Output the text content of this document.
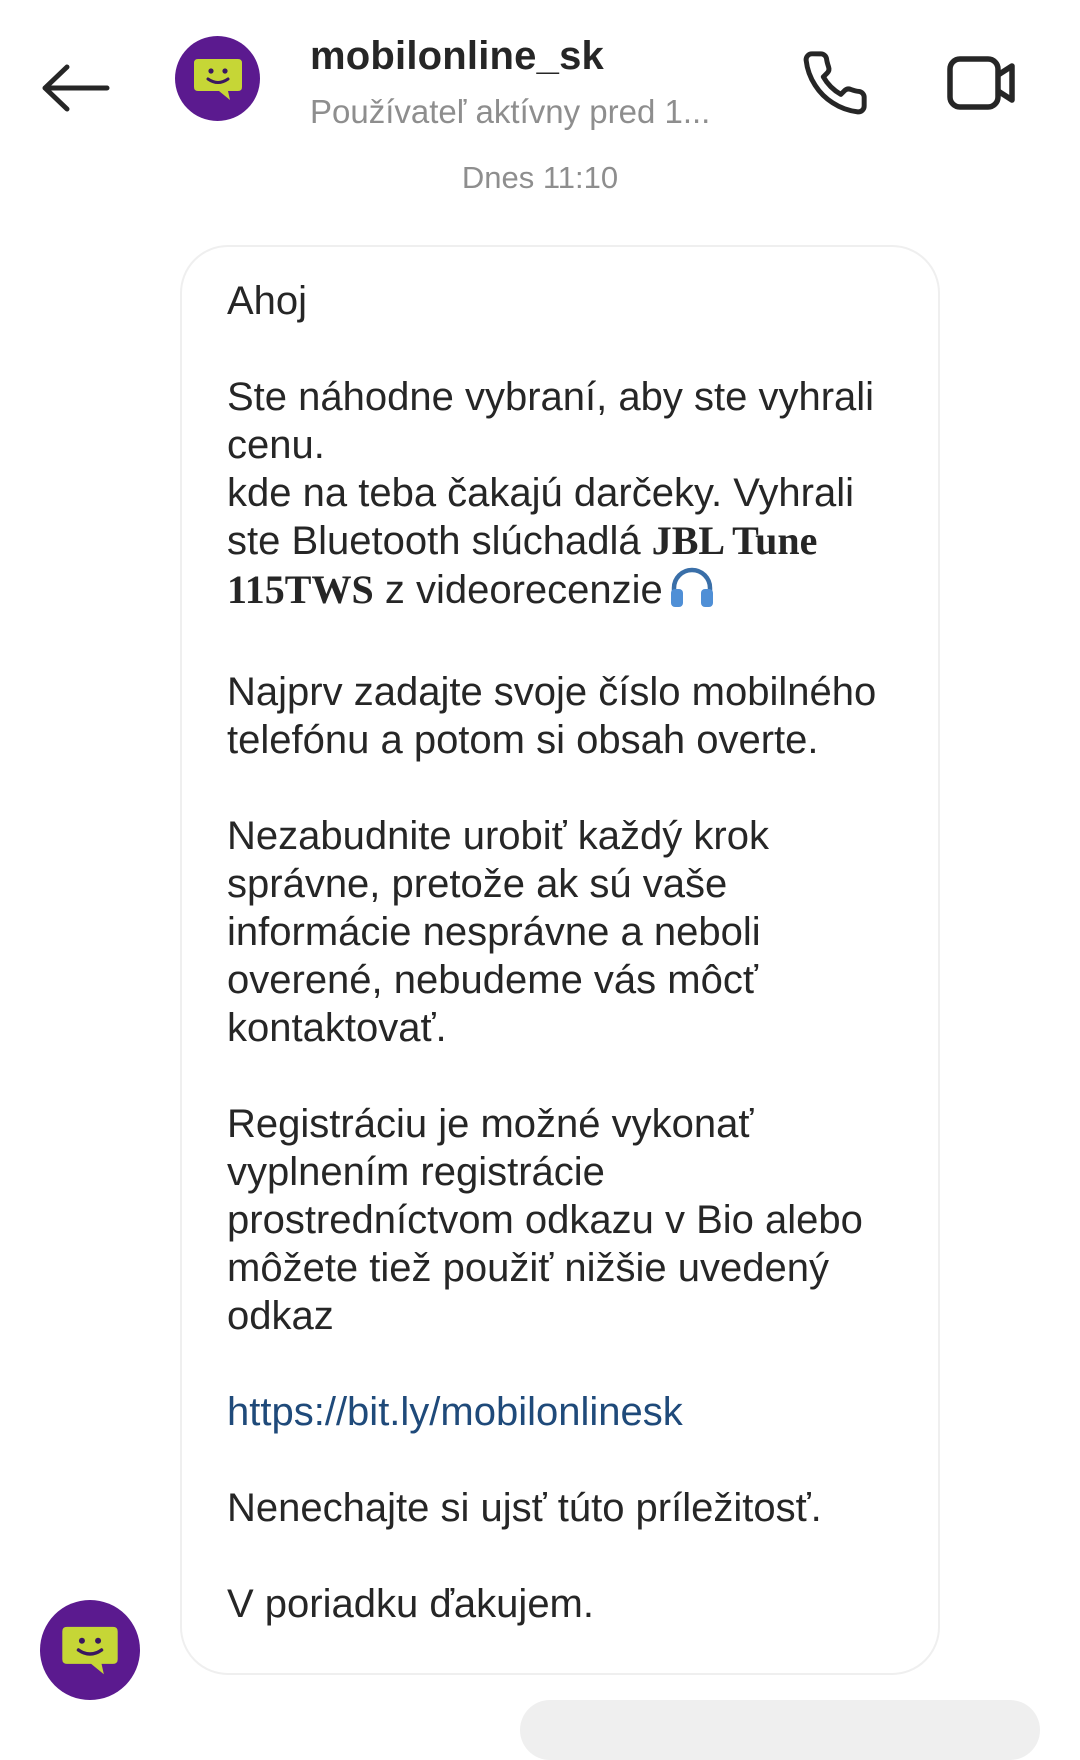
mobilonline_sk
Používateľ aktívny pred 1...
Dnes 11:10

Ahoj

Ste náhodne vybraní, aby ste vyhrali
cenu.
kde na teba čakajú darčeky. Vyhrali
ste Bluetooth slúchadlá JBL Tune
115TWS z videorecenzie

Najprv zadajte svoje číslo mobilného
telefónu a potom si obsah overte.

Nezabudnite urobiť každý krok
správne, pretože ak sú vaše
informácie nesprávne a neboli
overené, nebudeme vás môcť
kontaktovať.

Registráciu je možné vykonať
vyplnením registrácie
prostredníctvom odkazu v Bio alebo
môžete tiež použiť nižšie uvedený
odkaz

https://bit.ly/mobilonlinesk

Nenechajte si ujsť túto príležitosť.

V poriadku ďakujem.
